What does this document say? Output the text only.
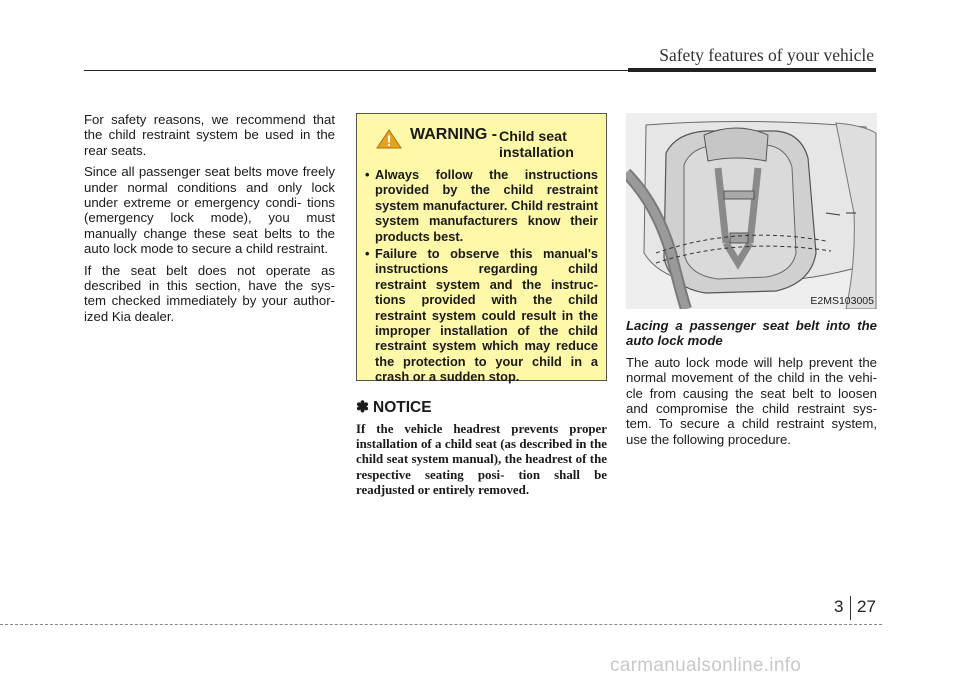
Safety features of your vehicle

For safety reasons, we recommend that the child restraint system be used in the rear seats.

Since all passenger seat belts move freely under normal conditions and only lock under extreme or emergency condi- tions (emergency lock mode), you must manually change these seat belts to the auto lock mode to secure a child restraint.

If the seat belt does not operate as described in this section, have the sys- tem checked immediately by your author- ized Kia dealer.

WARNING - Child seat installation
• Always follow the instructions provided by the child restraint system manufacturer. Child restraint system manufacturers know their products best.
• Failure to observe this manual's instructions regarding child restraint system and the instruc- tions provided with the child restraint system could result in the improper installation of the child restraint system which may reduce the protection to your child in a crash or a sudden stop.
✽ NOTICE
If the vehicle headrest prevents proper installation of a child seat (as described in the child seat system manual), the headrest of the respective seating posi- tion shall be readjusted or entirely removed.
E2MS103005

Lacing a passenger seat belt into the auto lock mode

The auto lock mode will help prevent the normal movement of the child in the vehi- cle from causing the seat belt to loosen and compromise the child restraint sys- tem. To secure a child restraint system, use the following procedure.

3 27
carmanualsonline.info
